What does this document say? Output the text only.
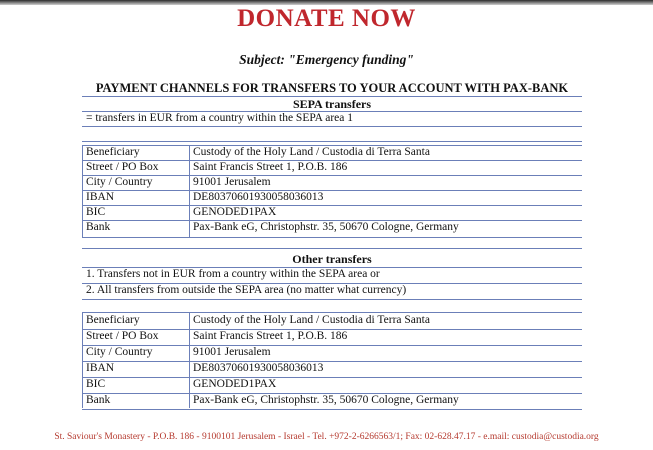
DONATE NOW
Subject: "Emergency funding"
PAYMENT CHANNELS FOR TRANSFERS TO YOUR ACCOUNT WITH PAX-BANK
SEPA transfers
= transfers in EUR from a country within the SEPA area 1
Beneficiary	Custody of the Holy Land / Custodia di Terra Santa
Street / PO Box	Saint Francis Street 1, P.O.B. 186
City / Country	91001 Jerusalem
IBAN	DE80370601930058036013
BIC	GENODED1PAX
Bank	Pax-Bank eG, Christophstr. 35, 50670 Cologne, Germany
Other transfers
1. Transfers not in EUR from a country within the SEPA area or
2. All transfers from outside the SEPA area (no matter what currency)
Beneficiary	Custody of the Holy Land / Custodia di Terra Santa
Street / PO Box	Saint Francis Street 1, P.O.B. 186
City / Country	91001 Jerusalem
IBAN	DE80370601930058036013
BIC	GENODED1PAX
Bank	Pax-Bank eG, Christophstr. 35, 50670 Cologne, Germany
St. Saviour's Monastery - P.O.B. 186 - 9100101 Jerusalem - Israel - Tel. +972-2-6266563/1; Fax: 02-628.47.17 - e.mail: custodia@custodia.org
